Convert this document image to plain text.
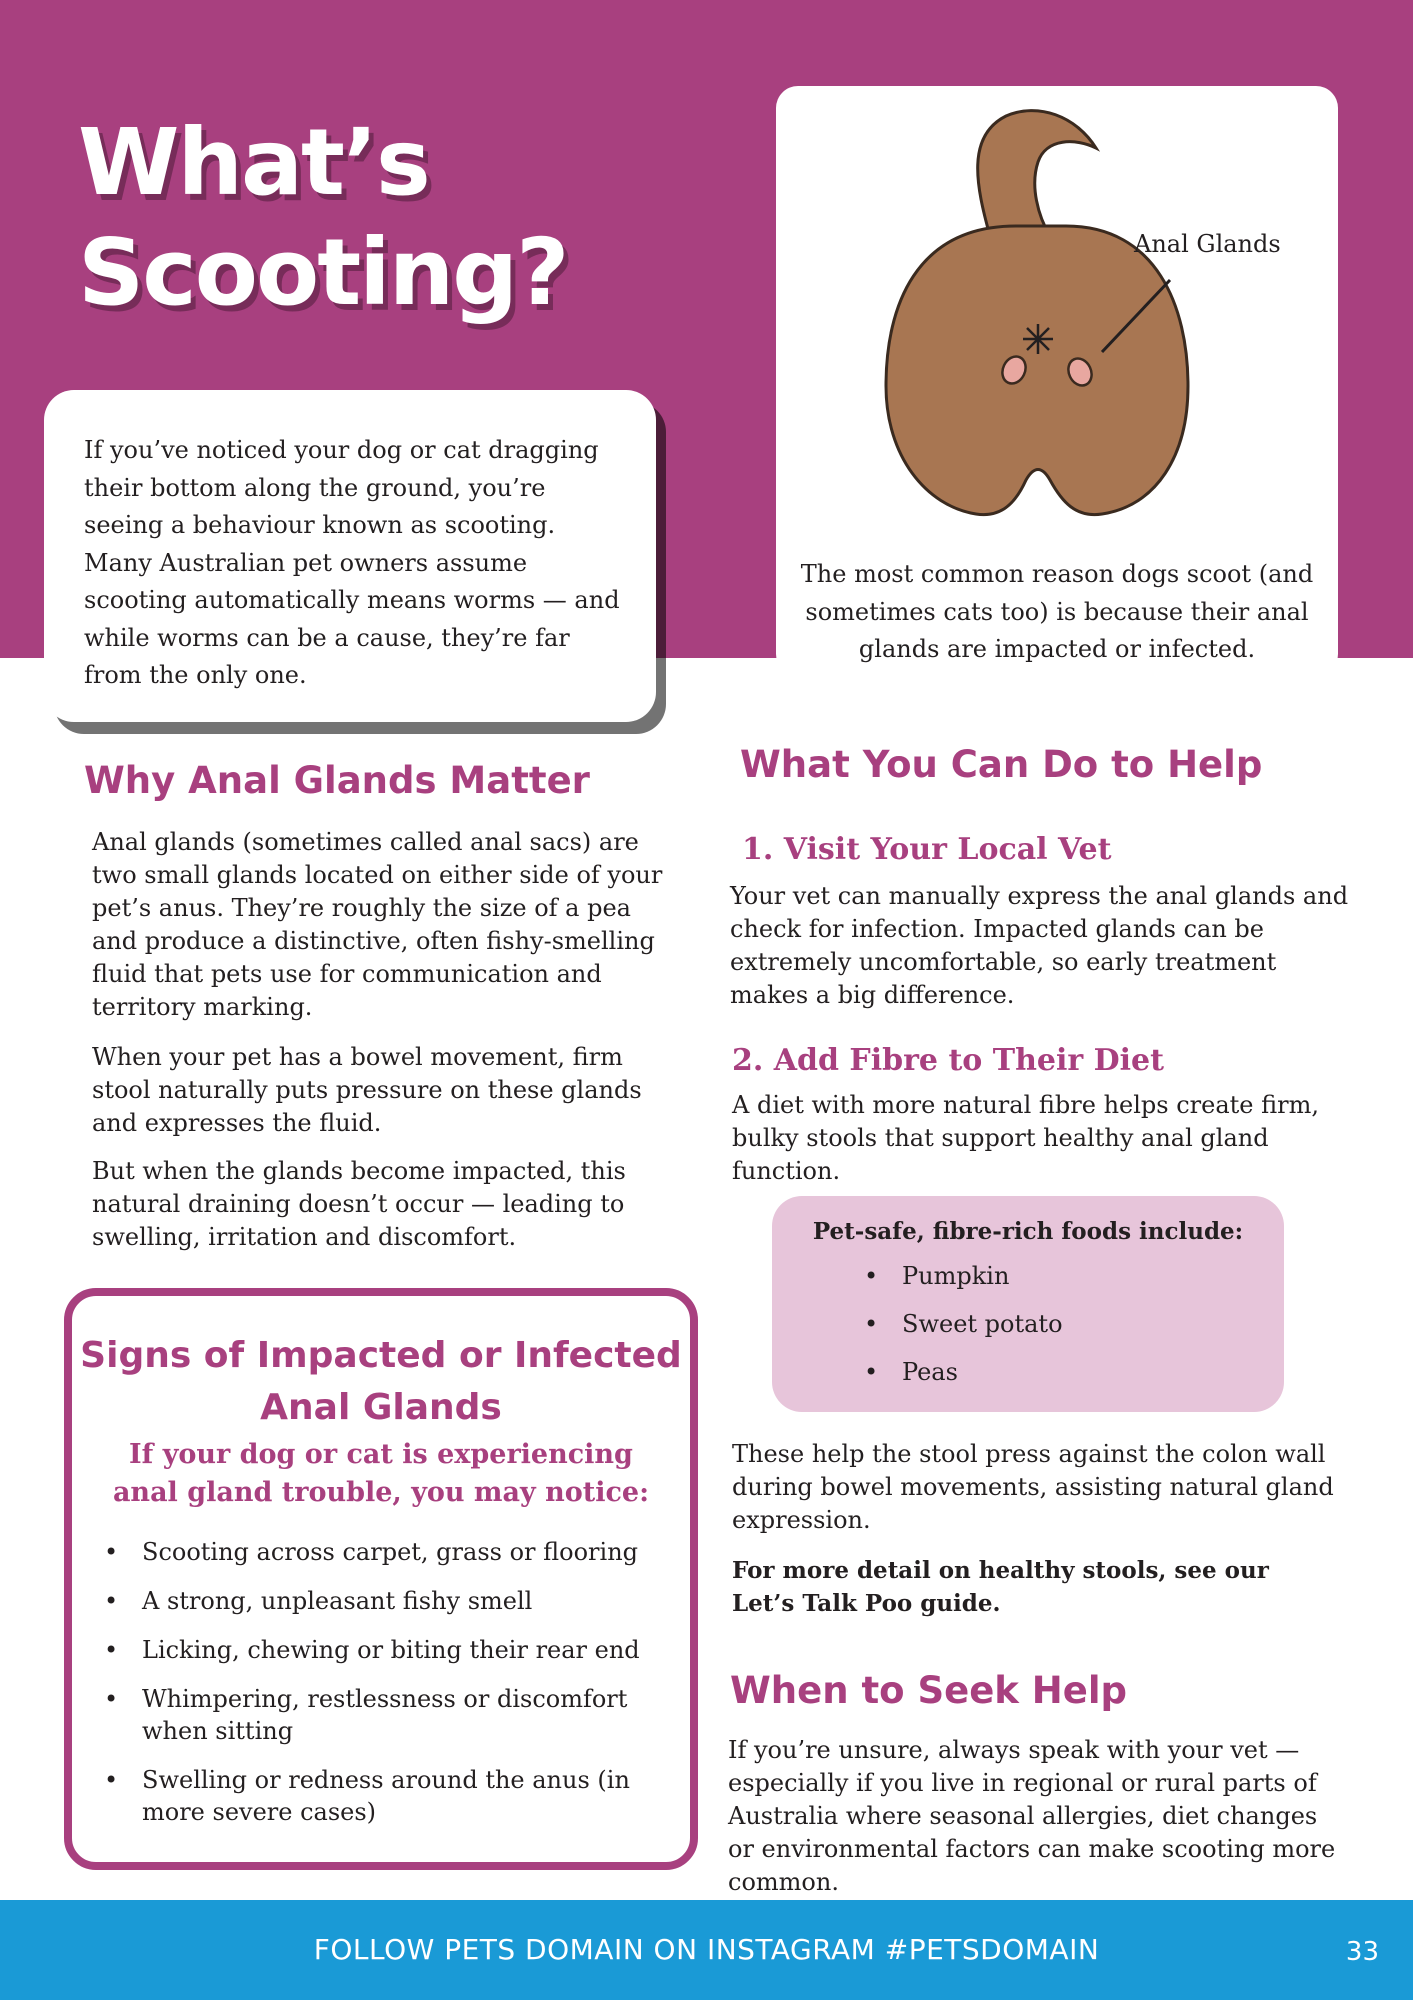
What’s
Scooting?

If you’ve noticed your dog or cat dragging their bottom along the ground, you’re seeing a behaviour known as scooting. Many Australian pet owners assume scooting automatically means worms — and while worms can be a cause, they’re far from the only one.

Anal Glands
The most common reason dogs scoot (and sometimes cats too) is because their anal glands are impacted or infected.
Why Anal Glands Matter

Anal glands (sometimes called anal sacs) are two small glands located on either side of your pet’s anus. They’re roughly the size of a pea and produce a distinctive, often fishy-smelling fluid that pets use for communication and territory marking.

When your pet has a bowel movement, firm stool naturally puts pressure on these glands and expresses the fluid.

But when the glands become impacted, this natural draining doesn’t occur — leading to swelling, irritation and discomfort.

Signs of Impacted or Infected Anal Glands
If your dog or cat is experiencing anal gland trouble, you may notice:
• Scooting across carpet, grass or flooring
• A strong, unpleasant fishy smell
• Licking, chewing or biting their rear end
• Whimpering, restlessness or discomfort when sitting
• Swelling or redness around the anus (in more severe cases)
What You Can Do to Help
1. Visit Your Local Vet

Your vet can manually express the anal glands and check for infection. Impacted glands can be extremely uncomfortable, so early treatment makes a big difference.

2. Add Fibre to Their Diet

A diet with more natural fibre helps create firm, bulky stools that support healthy anal gland function.

Pet-safe, fibre-rich foods include:
• Pumpkin
• Sweet potato
• Peas

These help the stool press against the colon wall during bowel movements, assisting natural gland expression.

For more detail on healthy stools, see our Let’s Talk Poo guide.

When to Seek Help

If you’re unsure, always speak with your vet — especially if you live in regional or rural parts of Australia where seasonal allergies, diet changes or environmental factors can make scooting more common.

FOLLOW PETS DOMAIN ON INSTAGRAM #PETSDOMAIN	33
